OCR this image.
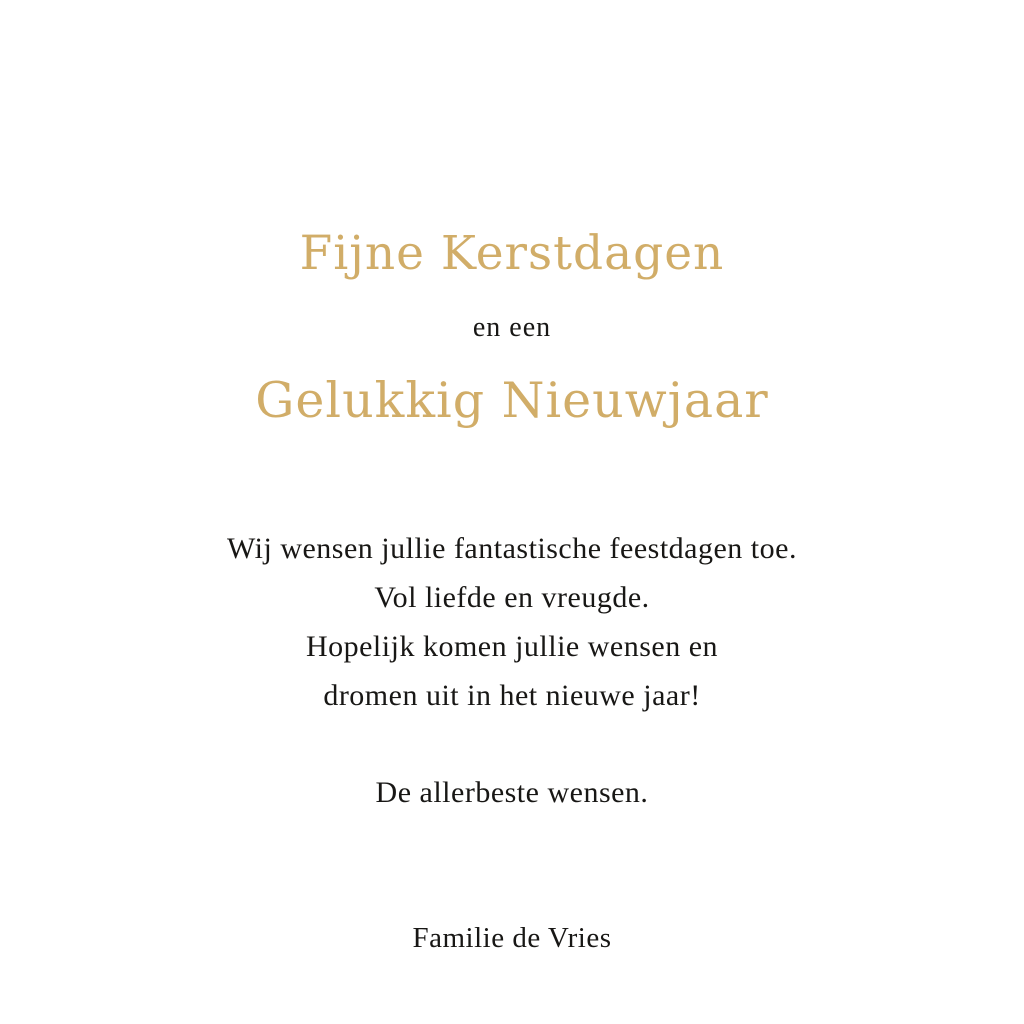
Fijne Kerstdagen
en een
Gelukkig Nieuwjaar
Wij wensen jullie fantastische feestdagen toe.
Vol liefde en vreugde.
Hopelijk komen jullie wensen en
dromen uit in het nieuwe jaar!
De allerbeste wensen.
Familie de Vries
